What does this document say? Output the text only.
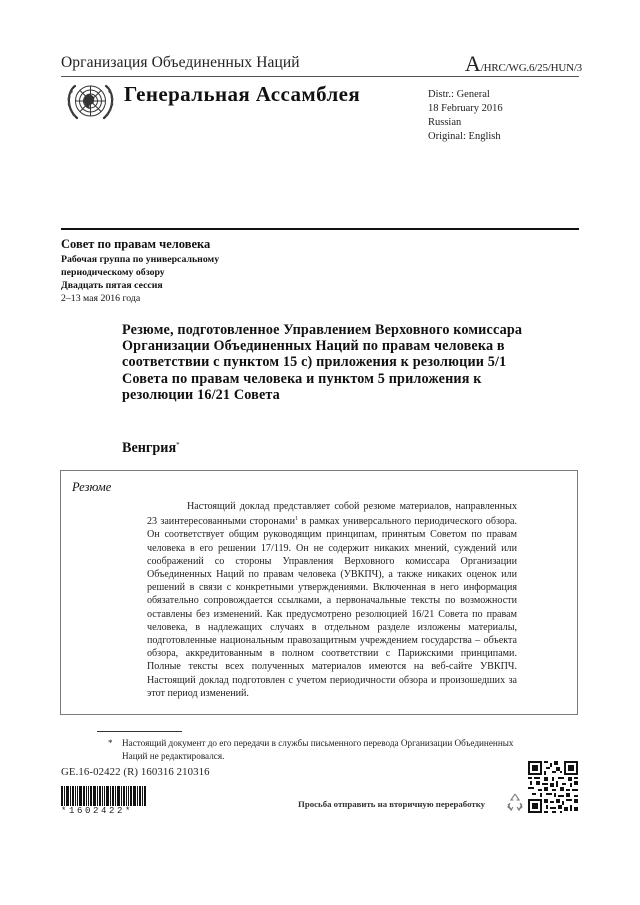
Организация Объединенных Наций	A/HRC/WG.6/25/HUN/3
Генеральная Ассамблея	Distr.: General
18 February 2016
Russian
Original: English
Совет по правам человека
Рабочая группа по универсальному
периодическому обзору
Двадцать пятая сессия
2–13 мая 2016 года
Резюме, подготовленное Управлением Верховного комиссара Организации Объединенных Наций по правам человека в соответствии с пунктом 15 c) приложения к резолюции 5/1 Совета по правам человека и пунктом 5 приложения к резолюции 16/21 Совета
Венгрия*
Резюме

Настоящий доклад представляет собой резюме материалов, направленных 23 заинтересованными сторонами$^1$ в рамках универсального периодического обзора. Он соответствует общим руководящим принципам, принятым Советом по правам человека в его решении 17/119. Он не содержит никаких мнений, суждений или соображений со стороны Управления Верховного комиссара Организации Объединенных Наций по правам человека (УВКПЧ), а также никаких оценок или решений в связи с конкретными утверждениями. Включенная в него информация обязательно сопровождается ссылками, а первоначальные тексты по возможности оставлены без изменений. Как предусмотрено резолюцией 16/21 Совета по правам человека, в надлежащих случаях в отдельном разделе изложены материалы, подготовленные национальным правозащитным учреждением государства – объекта обзора, аккредитованным в полном соответствии с Парижскими принципами. Полные тексты всех полученных материалов имеются на веб-сайте УВКПЧ. Настоящий доклад подготовлен с учетом периодичности обзора и произошедших за этот период изменений.

* Настоящий документ до его передачи в службы письменного перевода Организации Объединенных Наций не редактировался.
GE.16-02422 (R) 160316 210316
*1602422*
Просьба отправить на вторичную переработку
